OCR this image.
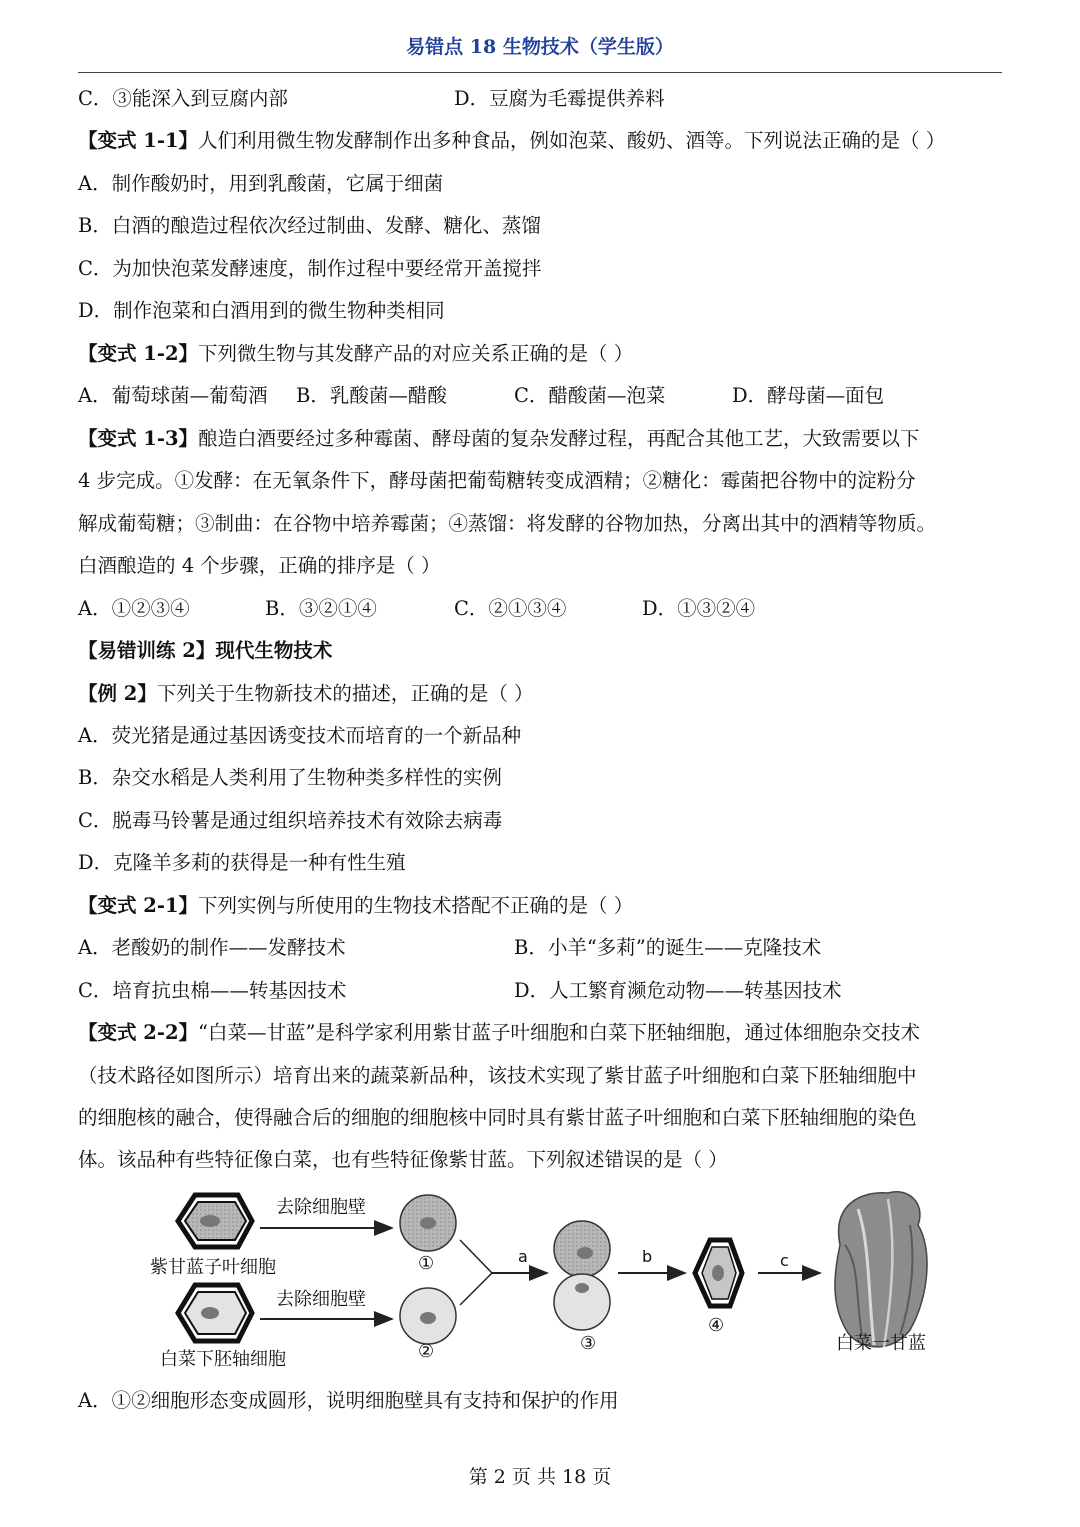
易错点 18 生物技术（学生版）
C．③能深入到豆腐内部	D．豆腐为毛霉提供养料
【变式 1-1】人们利用微生物发酵制作出多种食品，例如泡菜、酸奶、酒等。下列说法正确的是（ ）
A．制作酸奶时，用到乳酸菌，它属于细菌
B．白酒的酿造过程依次经过制曲、发酵、糖化、蒸馏
C．为加快泡菜发酵速度，制作过程中要经常开盖搅拌
D．制作泡菜和白酒用到的微生物种类相同
【变式 1-2】下列微生物与其发酵产品的对应关系正确的是（ ）
A．葡萄球菌—葡萄酒 B．乳酸菌—醋酸	C．醋酸菌—泡菜	D．酵母菌—面包
【变式 1-3】酿造白酒要经过多种霉菌、酵母菌的复杂发酵过程，再配合其他工艺，大致需要以下
4 步完成。①发酵：在无氧条件下，酵母菌把葡萄糖转变成酒精；②糖化：霉菌把谷物中的淀粉分
解成葡萄糖；③制曲：在谷物中培养霉菌；④蒸馏：将发酵的谷物加热，分离出其中的酒精等物质。
白酒酿造的 4 个步骤，正确的排序是（ ）
A．①②③④	B．③②①④	C．②①③④	D．①③②④
【易错训练 2】现代生物技术
【例 2】下列关于生物新技术的描述，正确的是（ ）
A．荧光猪是通过基因诱变技术而培育的一个新品种
B．杂交水稻是人类利用了生物种类多样性的实例
C．脱毒马铃薯是通过组织培养技术有效除去病毒
D．克隆羊多莉的获得是一种有性生殖
【变式 2-1】下列实例与所使用的生物技术搭配不正确的是（ ）
A．老酸奶的制作——发酵技术	B．小羊“多莉”的诞生——克隆技术
C．培育抗虫棉——转基因技术	D．人工繁育濒危动物——转基因技术
【变式 2-2】“白菜—甘蓝”是科学家利用紫甘蓝子叶细胞和白菜下胚轴细胞，通过体细胞杂交技术
（技术路径如图所示）培育出来的蔬菜新品种，该技术实现了紫甘蓝子叶细胞和白菜下胚轴细胞中
的细胞核的融合，使得融合后的细胞的细胞核中同时具有紫甘蓝子叶细胞和白菜下胚轴细胞的染色
体。该品种有些特征像白菜，也有些特征像紫甘蓝。下列叙述错误的是（ ）
去除细胞壁
去除细胞壁
紫甘蓝子叶细胞
白菜下胚轴细胞
①
②	③
④
a	b	c
白菜一甘蓝
A．①②细胞形态变成圆形，说明细胞壁具有支持和保护的作用
第 2 页 共 18 页
